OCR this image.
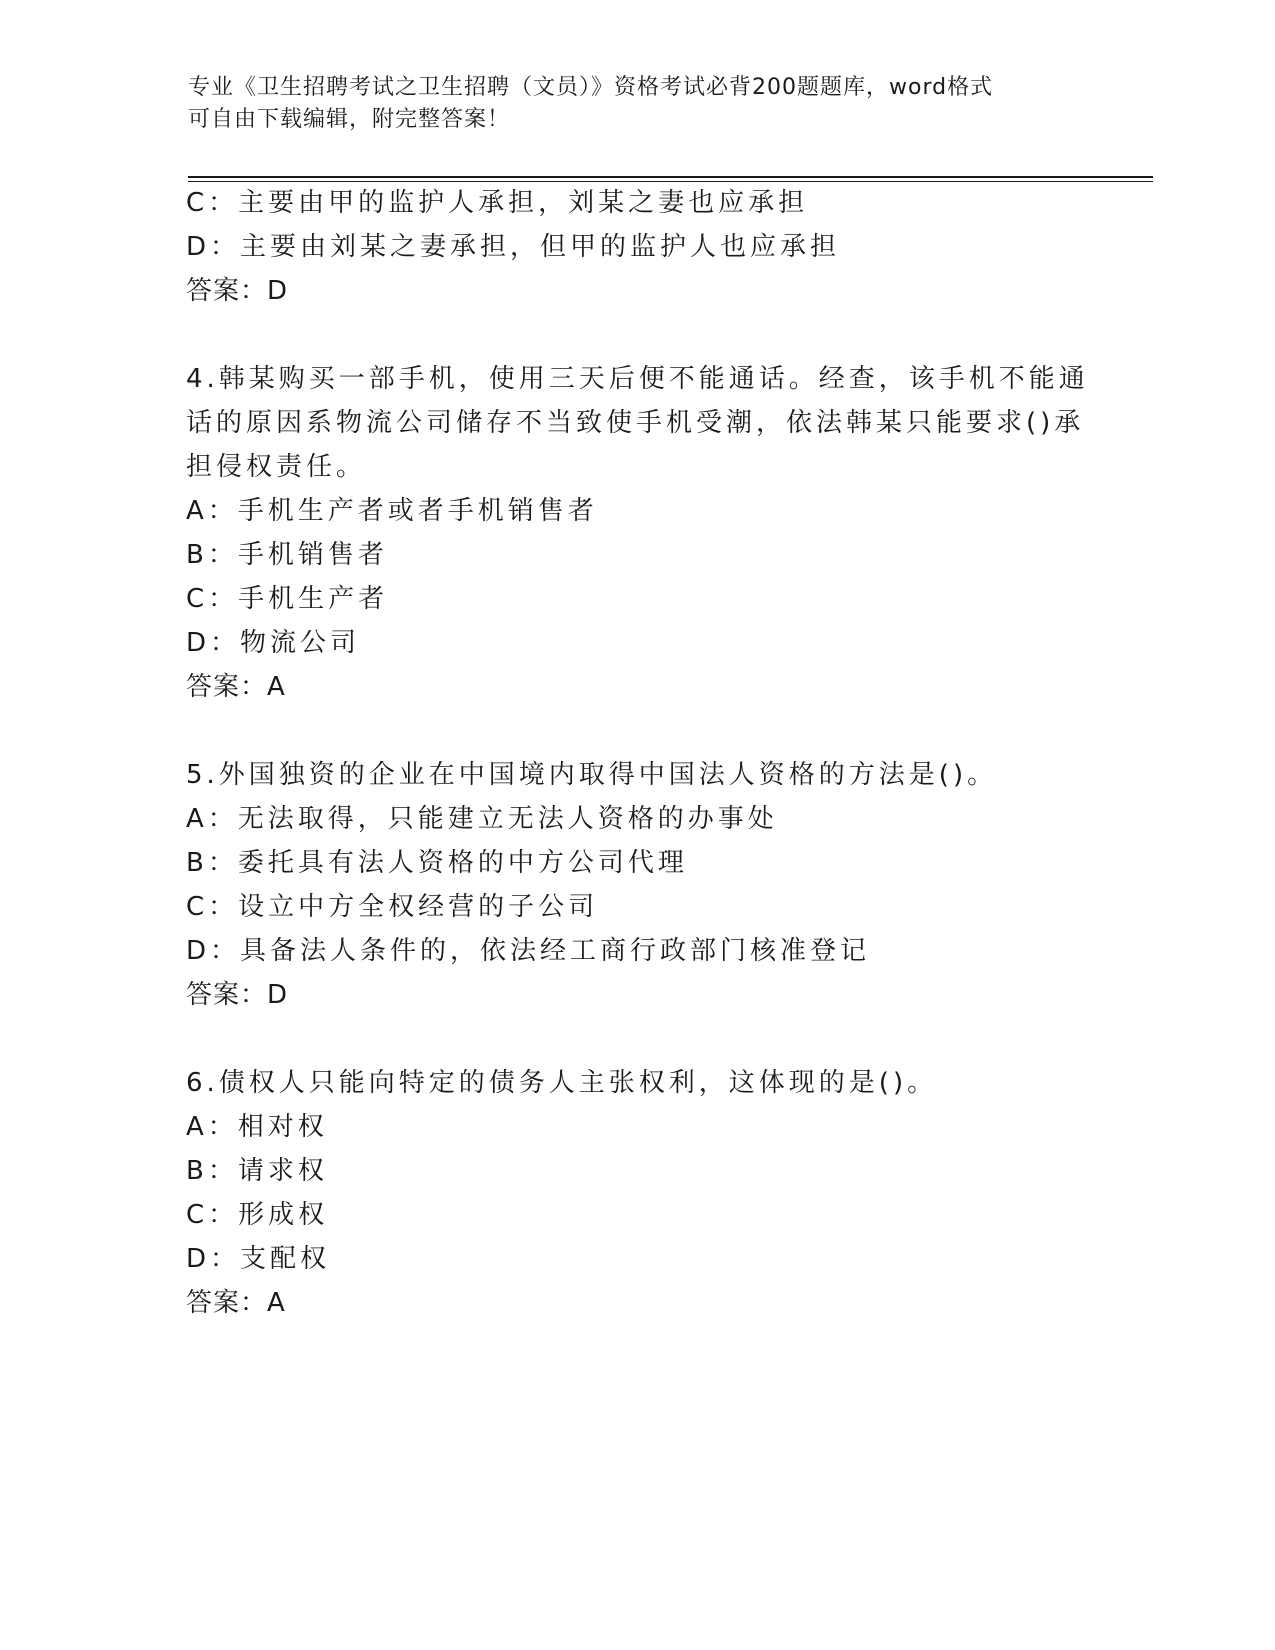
专业《卫生招聘考试之卫生招聘（文员）》资格考试必背200题题库，word格式
可自由下载编辑，附完整答案！
C：主要由甲的监护人承担，刘某之妻也应承担
D：主要由刘某之妻承担，但甲的监护人也应承担
答案：D
4.韩某购买一部手机，使用三天后便不能通话。经查，该手机不能通
话的原因系物流公司储存不当致使手机受潮，依法韩某只能要求()承
担侵权责任。
A：手机生产者或者手机销售者
B：手机销售者
C：手机生产者
D：物流公司
答案：A
5.外国独资的企业在中国境内取得中国法人资格的方法是()。
A：无法取得，只能建立无法人资格的办事处
B：委托具有法人资格的中方公司代理
C：设立中方全权经营的子公司
D：具备法人条件的，依法经工商行政部门核准登记
答案：D
6.债权人只能向特定的债务人主张权利，这体现的是()。
A：相对权
B：请求权
C：形成权
D：支配权
答案：A
